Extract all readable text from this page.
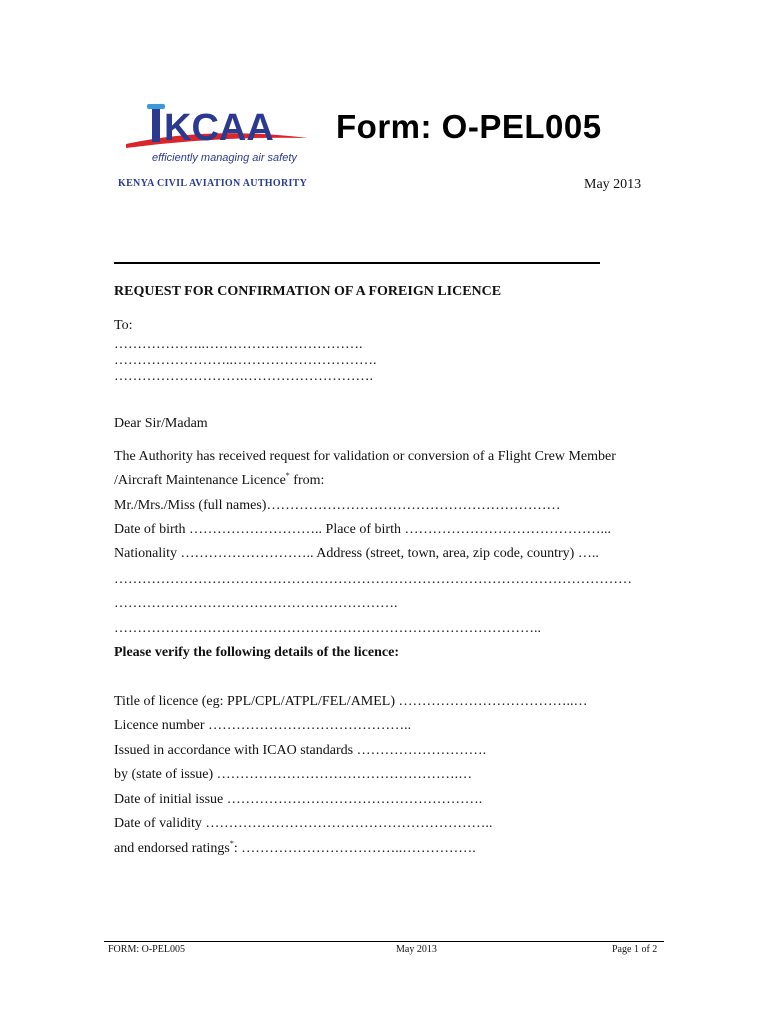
KCAA
efficiently managing air safety
Form: O-PEL005
KENYA CIVIL AVIATION AUTHORITY	May 2013
REQUEST FOR CONFIRMATION OF A FOREIGN LICENCE
To:
………………..…………………………….
……………………..………………………….
……………………….……………………….
Dear Sir/Madam
The Authority has received request for validation or conversion of a Flight Crew Member
/Aircraft Maintenance Licence* from:
Mr./Mrs./Miss (full names)………………………………………………………
Date of birth ……………………….. Place of birth ……………………………………...
Nationality ……………………….. Address (street, town, area, zip code, country) …..
…………………………………………………………………………………………………
…………………………………………………….
………………………………………………………………………………..
Please verify the following details of the licence:
Title of licence (eg: PPL/CPL/ATPL/FEL/AMEL) ………………………………..…
Licence number ……………………………………..
Issued in accordance with ICAO standards ……………………….
by (state of issue) …………………………………………….…
Date of initial issue ……………………………………………….
Date of validity ……………………………………………………..
and endorsed ratings*: ……………………………..…………….
FORM: O-PEL005	May 2013	Page 1 of 2
